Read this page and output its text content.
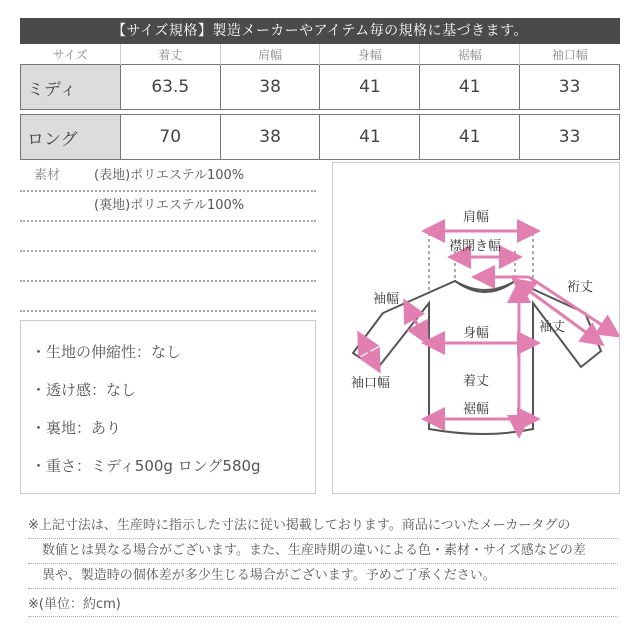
【サイズ規格】製造メーカーやアイテム毎の規格に基づきます。
サイズ	着丈	肩幅	身幅	裾幅	袖口幅
ミディ	63.5	38	41	41	33

ロング	70	38	41	41	33
素材	(表地)ポリエステル100%
(裏地)ポリエステル100%
・生地の伸縮性：なし
・透け感：なし
・裏地：あり
・重さ：ミディ500g ロング580g
肩幅
襟開き幅
裄丈
袖丈
袖幅
袖口幅
身幅
着丈
裾幅
※上記寸法は、生産時に指示した寸法に従い掲載しております。商品についたメーカータグの
数値とは異なる場合がございます。また、生産時期の違いによる色・素材・サイズ感などの差
異や、製造時の個体差が多少生じる場合がございます。予めご了承ください。
※(単位：約cm)
